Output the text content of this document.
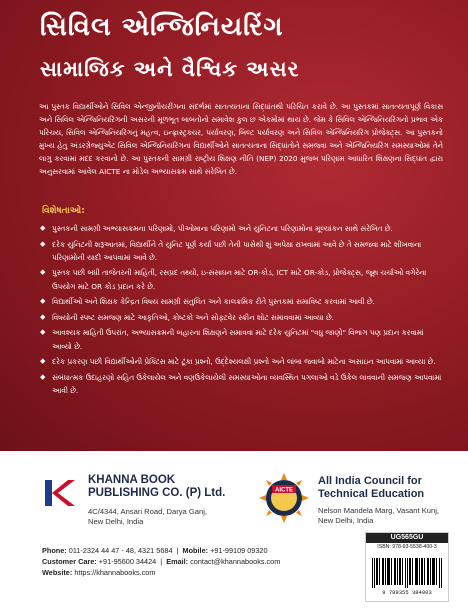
સિવિલ એન્જિનિયરિંગ
સામાજિક અને વૈશ્વિક અસર
આ પુસ્તક વિદ્યાર્થીઓને સિવિલ એન્જીનીયરીંગના સંદર્ભમાં સાતત્યતાના સિદ્ધાંતથી પરિચિત કરાવે છે. આ પુસ્તકમાં સાતત્યતાપૂર્ણ વિકાસ અને સિવિલ એન્જિનિયરિંગની અસરની મૂળભૂત બાબતોનો સમાવેશ કુલ છ એકમોમાં થાય છે. જેમ કે સિવિલ એન્જિનિયરિંગનો પ્રભાવ એક પરિચય, સિવિલ એન્જિનિયરિંગનું મહત્વ, ઇન્ફ્રાસ્ટ્રક્ચર, પર્યાવરણ, બિલ્ટ પર્યાવરણ અને સિવિલ એન્જિનિયરિંગ પ્રોજેક્ટ્સ. આ પુસ્તકનો મુખ્ય હેતુ અંડરગ્રેજ્યુએટ સિવિલ એન્જિનિયરિંગના વિદ્યાર્થીઓને સાતત્યતાના સિદ્ધાંતોને સમજવા અને એન્જિનિયરિંગ સમસ્યાઓમાં તેને લાગુ કરવામાં મદદ કરવાનો છે. આ પુસ્તકની સામગ્રી રાષ્ટ્રીય શિક્ષણ નીતિ (NEP) 2020 મુજબ પરિણામ આધારિત શિક્ષણના સિદ્ધાંત દ્વારા અનુસરવામાં આવેલ AICTE ના મોડેલ અભ્યાસક્રમ સાથે સંરેખિત છે.
વિશેષતાઓ:
◆ પુસ્તકની સામગ્રી અભ્યાસક્રમના પરિણામો, પીઓમાના પરિણામો અને યુનિટના પરિણામોના મૂલ્યાંકન સાથે સંરેખિત છે.
◆ દરેક યુનિટની શરૂઆતમાં, વિદ્યાર્થીને તે યુનિટ પૂર્ણ કર્યા પછી તેની પાસેથી શું અપેક્ષા રાખવામાં આવે છે તે સમજવા માટે શીખવાના પરિણામોની યાદી આપવામાં આવે છે.
◆ પુસ્તક પછી બધી તાજેતરની માહિતી, રસપ્રદ તથ્યો, ઇ-સંસાધન માટે OR-કોડ, ICT માટે OR-કોડ, પ્રોજેક્ટ્સ, જૂથ ચર્ચાઓ વગેરેના ઉપયોગ માટે OR કોડ પ્રદાન કરે છે.
◆ વિદ્યાર્થીઓ અને શિક્ષક કેન્દ્રિત વિષય સામગ્રી સંતુલિત અને કાલક્રમિક રીતે પુસ્તકમાં સમાવિષ્ટ કરવામાં આવી છે.
◆ વિષયોની સ્પષ્ટ સમજણ માટે આકૃતિઓ, કોષ્ટકો અને સોફ્ટવેર સ્ક્રીન શોટ સમાવવામાં આવ્યા છે.
◆ આવશ્યક માહિતી ઉપરાંત, અભ્યાસક્રમની બહારના શિક્ષણને સમાવવા માટે દરેક યુનિટમાં "વધુ જાણો" વિભાગ પણ પ્રદાન કરવામાં આવ્યો છે.
◆ દરેક પ્રકરણ પછી વિદ્યાર્થીઓની પ્રેક્ટિસ માટે ટૂંકા પ્રશ્નો, ઉદ્દેશ્યલક્ષી પ્રશ્નો અને લાંબા જવાબો માટેના અસાઇન આપવામાં આવ્યા છે.
◆ સંબંધાત્મક ઉદાહરણો સહિત ઉકેલાયેલ અને વણઉકેલાયેલી સમસ્યાઓના વ્યવસ્થિત પગલાઓ વડે ઉકેલ લાવવાની સમજણ આપવામાં આવી છે.
KHANNA BOOK
PUBLISHING CO. (P) Ltd.
4C/4344, Ansari Road, Darya Ganj,
New Delhi, India
AICTE
All India Council for
Technical Education
Nelson Mandela Marg, Vasant Kunj,
New Delhi, India
Phone: 011-2324 44 47 - 48, 4321 5684  |  Mobile: +91-99109 09320
Customer Care: +91-95600 34424  |  Email: contact@khannabooks.com
Website: https://khannabooks.com
UG565GU
ISBN: 978-93-5538-400-3
9 789355 384003
